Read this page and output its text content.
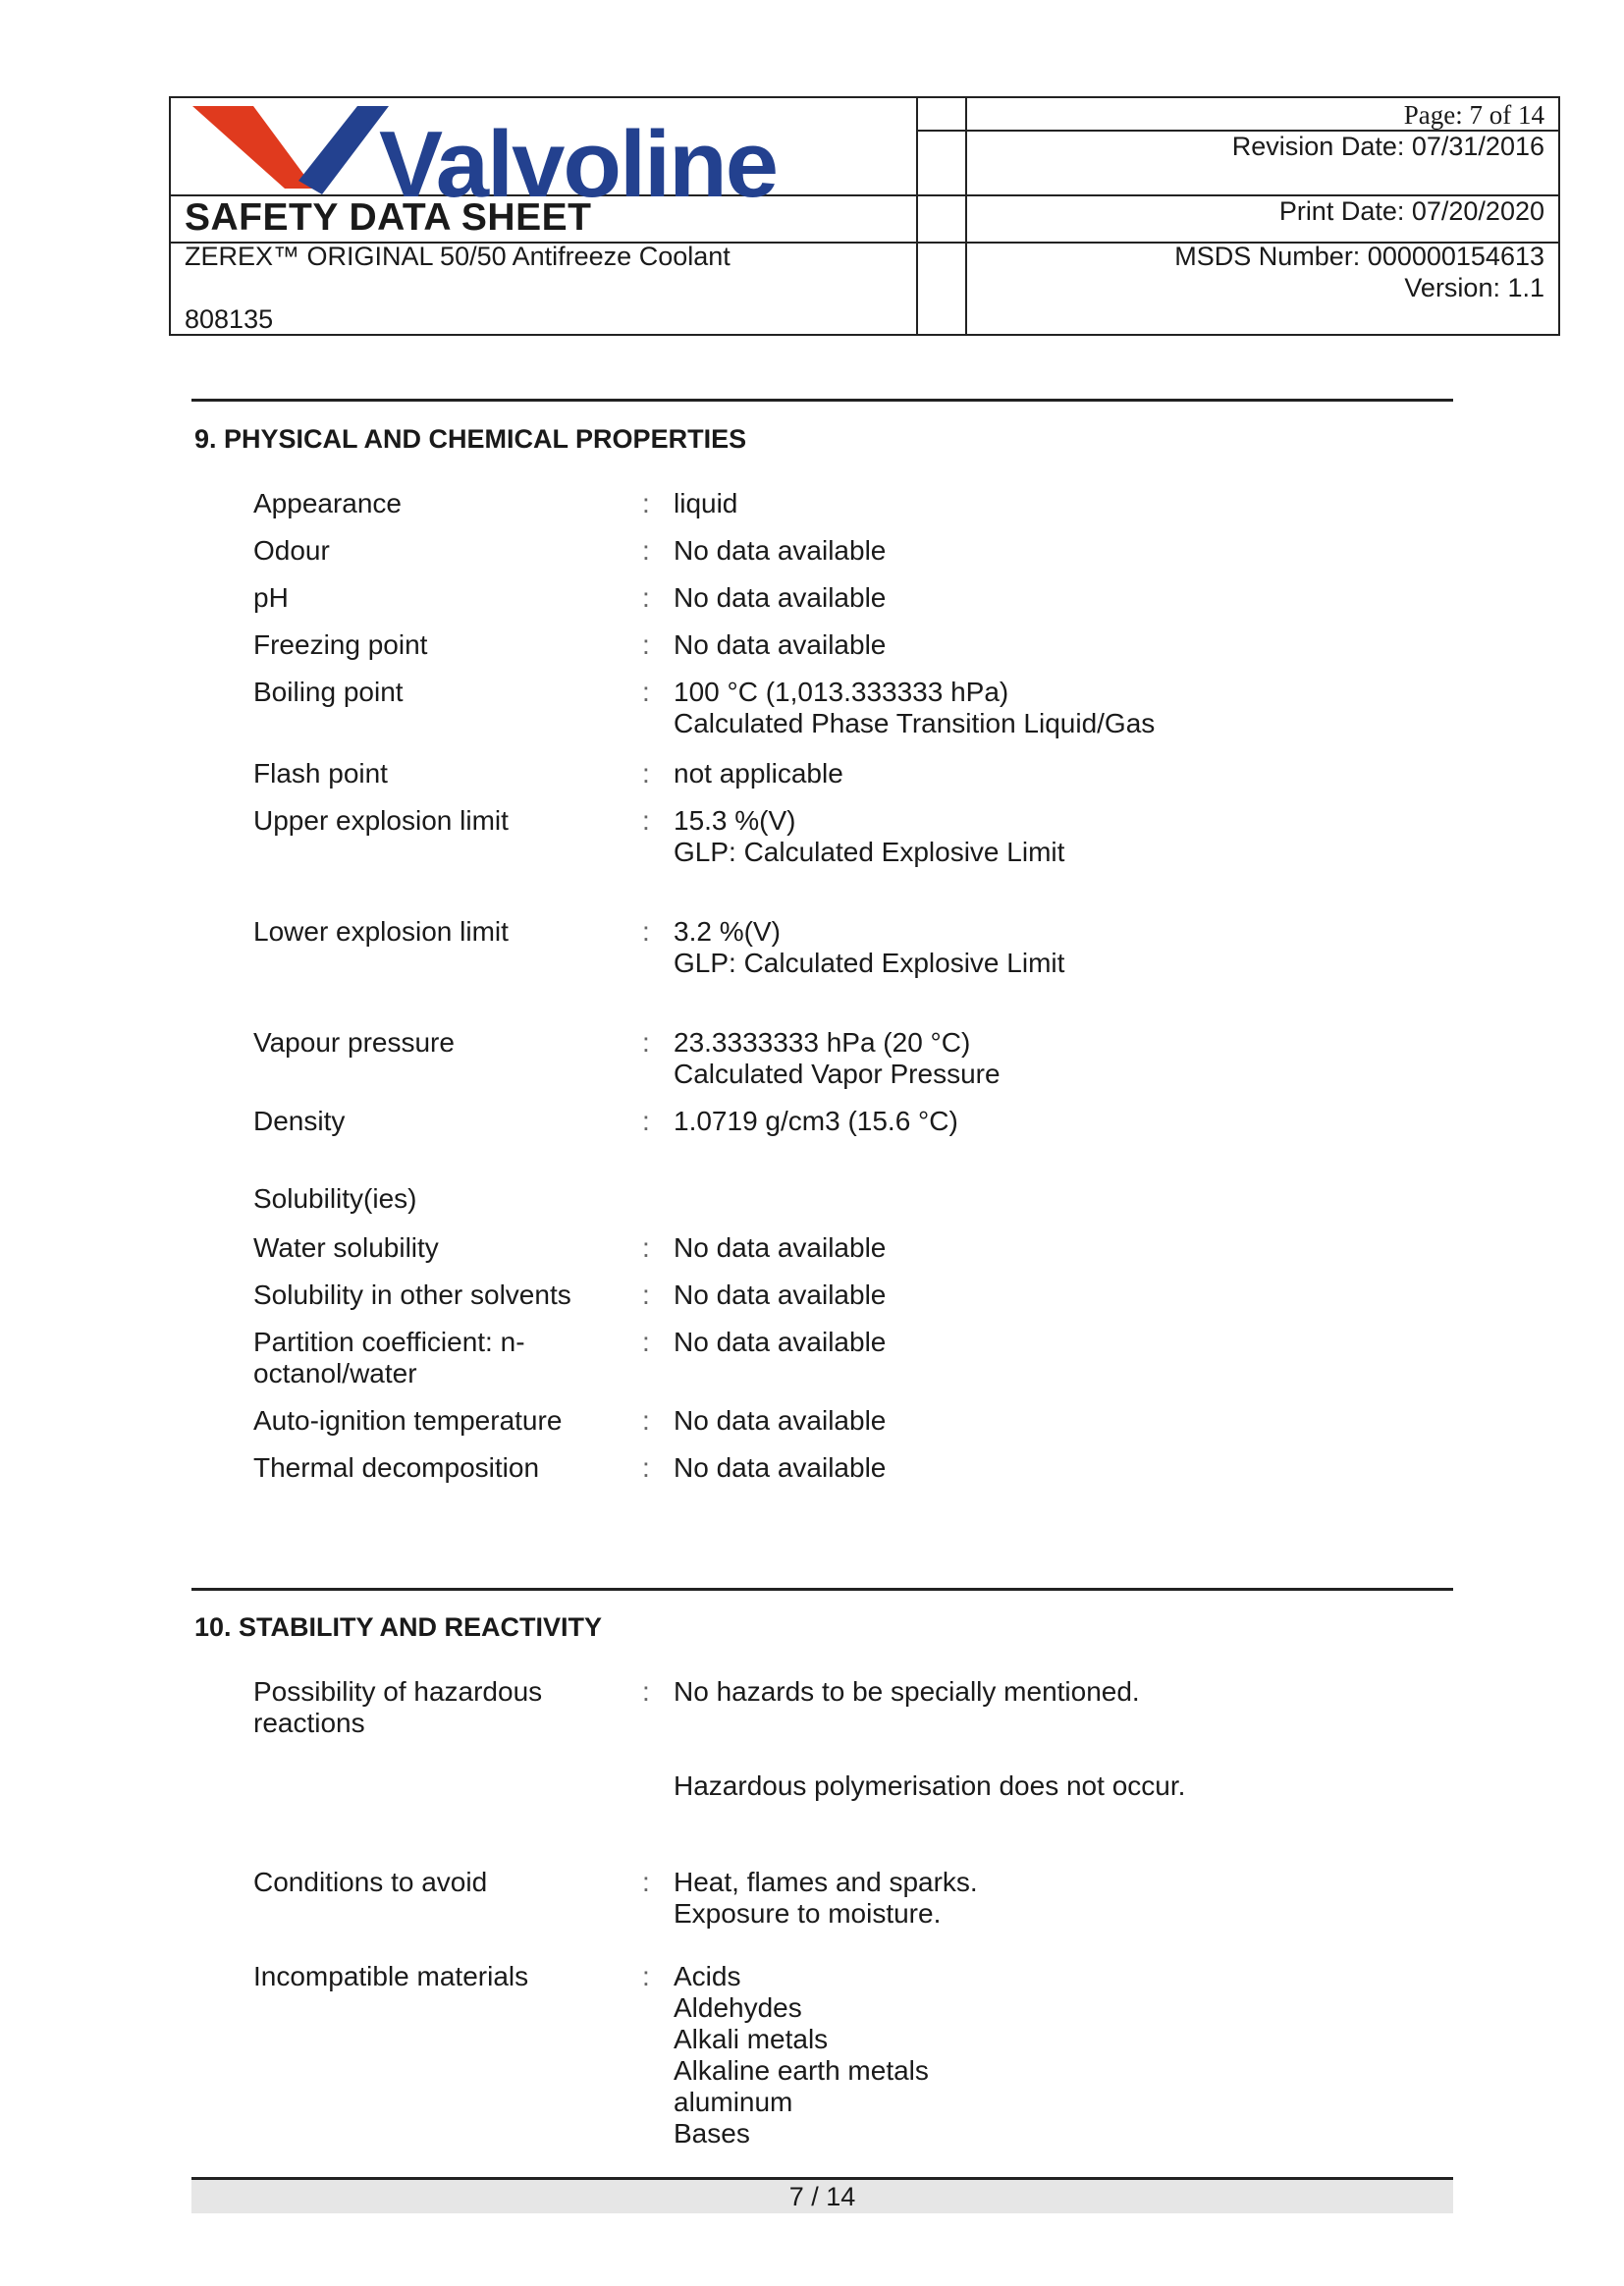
Valvoline
SAFETY DATA SHEET
ZEREX™ ORIGINAL 50/50 Antifreeze Coolant
808135
Page: 7 of 14
Revision Date: 07/31/2016
Print Date: 07/20/2020
MSDS Number: 000000154613
Version: 1.1
9. PHYSICAL AND CHEMICAL PROPERTIES
Appearance	: liquid
Odour	: No data available
pH	: No data available
Freezing point	: No data available
Boiling point	: 100 °C (1,013.333333 hPa)
Calculated Phase Transition Liquid/Gas
Flash point	: not applicable
Upper explosion limit	: 15.3 %(V)
GLP: Calculated Explosive Limit
Lower explosion limit	: 3.2 %(V)
GLP: Calculated Explosive Limit
Vapour pressure	: 23.3333333 hPa (20 °C)
Calculated Vapor Pressure
Density	: 1.0719 g/cm3 (15.6 °C)
Solubility(ies)
Water solubility	: No data available
Solubility in other solvents	: No data available
Partition coefficient: n-octanol/water
: No data available
Auto-ignition temperature	: No data available
Thermal decomposition	: No data available
10. STABILITY AND REACTIVITY
Possibility of hazardous reactions
: No hazards to be specially mentioned.
Hazardous polymerisation does not occur.
Conditions to avoid	: Heat, flames and sparks.
Exposure to moisture.
Incompatible materials	: Acids
Aldehydes
Alkali metals
Alkaline earth metals
aluminum
Bases
7 / 14
